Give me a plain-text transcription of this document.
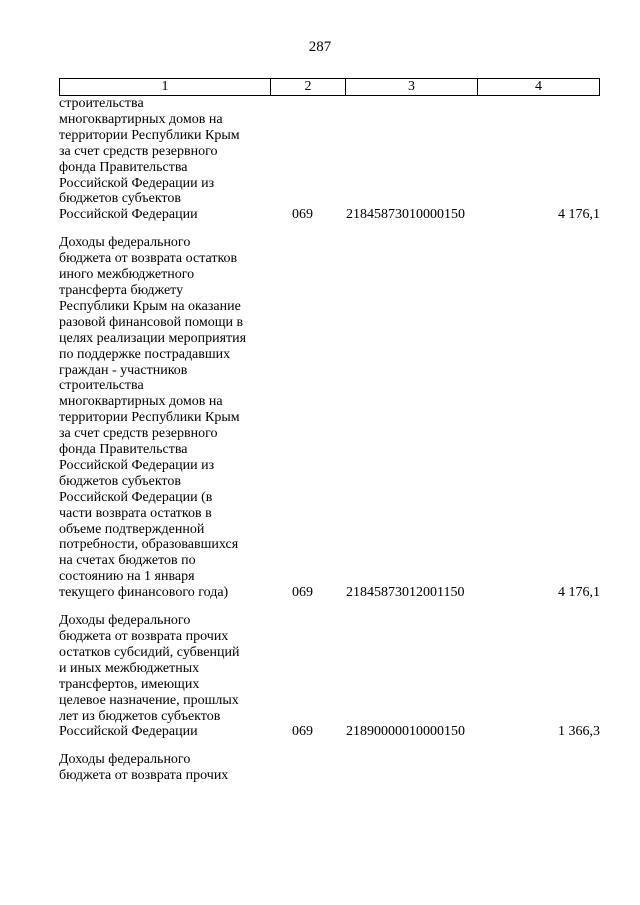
287
1	2	3	4
строительства
многоквартирных домов на
территории Республики Крым
за счет средств резервного
фонда Правительства
Российской Федерации из
бюджетов субъектов
Российской Федерации	069 21845873010000150	4 176,1
Доходы федерального
бюджета от возврата остатков
иного межбюджетного
трансферта бюджету
Республики Крым на оказание
разовой финансовой помощи в
целях реализации мероприятия
по поддержке пострадавших
граждан - участников
строительства
многоквартирных домов на
территории Республики Крым
за счет средств резервного
фонда Правительства
Российской Федерации из
бюджетов субъектов
Российской Федерации (в
части возврата остатков в
объеме подтвержденной
потребности, образовавшихся
на счетах бюджетов по
состоянию на 1 января
текущего финансового года)	069 21845873012001150	4 176,1
Доходы федерального
бюджета от возврата прочих
остатков субсидий, субвенций
и иных межбюджетных
трансфертов, имеющих
целевое назначение, прошлых
лет из бюджетов субъектов
Российской Федерации	069 21890000010000150	1 366,3
Доходы федерального
бюджета от возврата прочих
